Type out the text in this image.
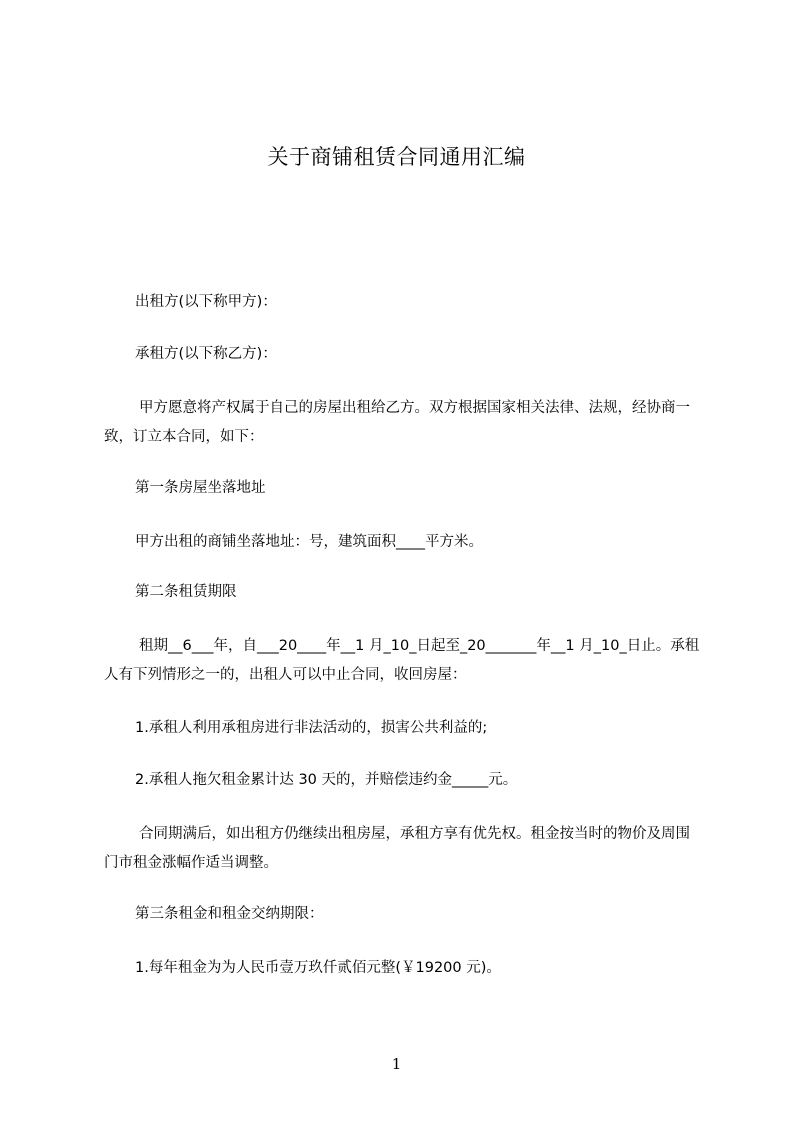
关于商铺租赁合同通用汇编

出租方(以下称甲方)：

承租方(以下称乙方)：

甲方愿意将产权属于自己的房屋出租给乙方。双方根据国家相关法律、法规，经协商一致，订立本合同，如下：

第一条房屋坐落地址

甲方出租的商铺坐落地址：号，建筑面积____平方米。

第二条租赁期限

租期__6___年，自___20____年__1 月_10_日起至_20_______年__1 月_10_日止。承租人有下列情形之一的，出租人可以中止合同，收回房屋：

1.承租人利用承租房进行非法活动的，损害公共利益的;

2.承租人拖欠租金累计达 30 天的，并赔偿违约金_____元。

合同期满后，如出租方仍继续出租房屋，承租方享有优先权。租金按当时的物价及周围门市租金涨幅作适当调整。

第三条租金和租金交纳期限：

1.每年租金为为人民币壹万玖仟贰佰元整(￥19200 元)。

1
